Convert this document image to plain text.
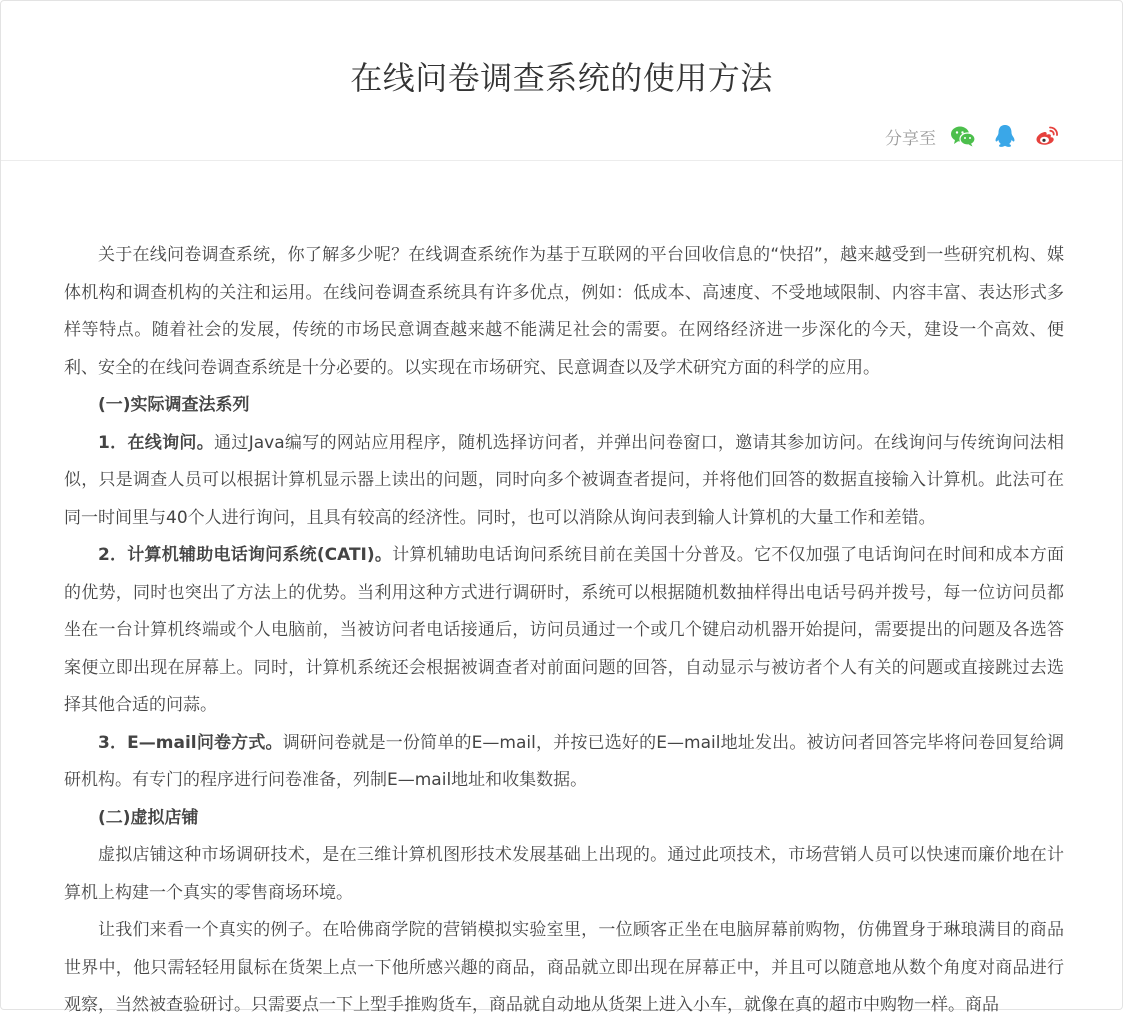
在线问卷调查系统的使用方法
分享至

关于在线问卷调查系统，你了解多少呢？在线调查系统作为基于互联网的平台回收信息的“快招”，越来越受到一些研究机构、媒体机构和调查机构的关注和运用。在线问卷调查系统具有许多优点，例如：低成本、高速度、不受地域限制、内容丰富、表达形式多样等特点。随着社会的发展，传统的市场民意调查越来越不能满足社会的需要。在网络经济进一步深化的今天，建设一个高效、便利、安全的在线问卷调查系统是十分必要的。以实现在市场研究、民意调查以及学术研究方面的科学的应用。

(一)实际调查法系列

1．在线询问。通过Java编写的网站应用程序，随机选择访问者，并弹出问卷窗口，邀请其参加访问。在线询问与传统询问法相似，只是调查人员可以根据计算机显示器上读出的问题，同时向多个被调查者提问，并将他们回答的数据直接输入计算机。此法可在同一时间里与40个人进行询问，且具有较高的经济性。同时，也可以消除从询问表到输人计算机的大量工作和差错。

2．计算机辅助电话询问系统(CATI)。计算机辅助电话询问系统目前在美国十分普及。它不仅加强了电话询问在时间和成本方面的优势，同时也突出了方法上的优势。当利用这种方式进行调研时，系统可以根据随机数抽样得出电话号码并拨号，每一位访问员都坐在一台计算机终端或个人电脑前，当被访问者电话接通后，访问员通过一个或几个键启动机器开始提问，需要提出的问题及各选答案便立即出现在屏幕上。同时，计算机系统还会根据被调查者对前面问题的回答，自动显示与被访者个人有关的问题或直接跳过去选择其他合适的问蒜。

3．E—mail问卷方式。调研问卷就是一份简单的E—mail，并按已选好的E—mail地址发出。被访问者回答完毕将问卷回复给调研机构。有专门的程序进行问卷准备，列制E—mail地址和收集数据。

(二)虚拟店铺

虚拟店铺这种市场调研技术，是在三维计算机图形技术发展基础上出现的。通过此项技术，市场营销人员可以快速而廉价地在计算机上构建一个真实的零售商场环境。

让我们来看一个真实的例子。在哈佛商学院的营销模拟实验室里，一位顾客正坐在电脑屏幕前购物，仿佛置身于琳琅满目的商品世界中，他只需轻轻用鼠标在货架上点一下他所感兴趣的商品，商品就立即出现在屏幕正中，并且可以随意地从数个角度对商品进行观察，当然被查验研讨。只需要点一下上型手推购货车，商品就自动地从货架上进入小车，就像在真的超市中购物一样。商品
